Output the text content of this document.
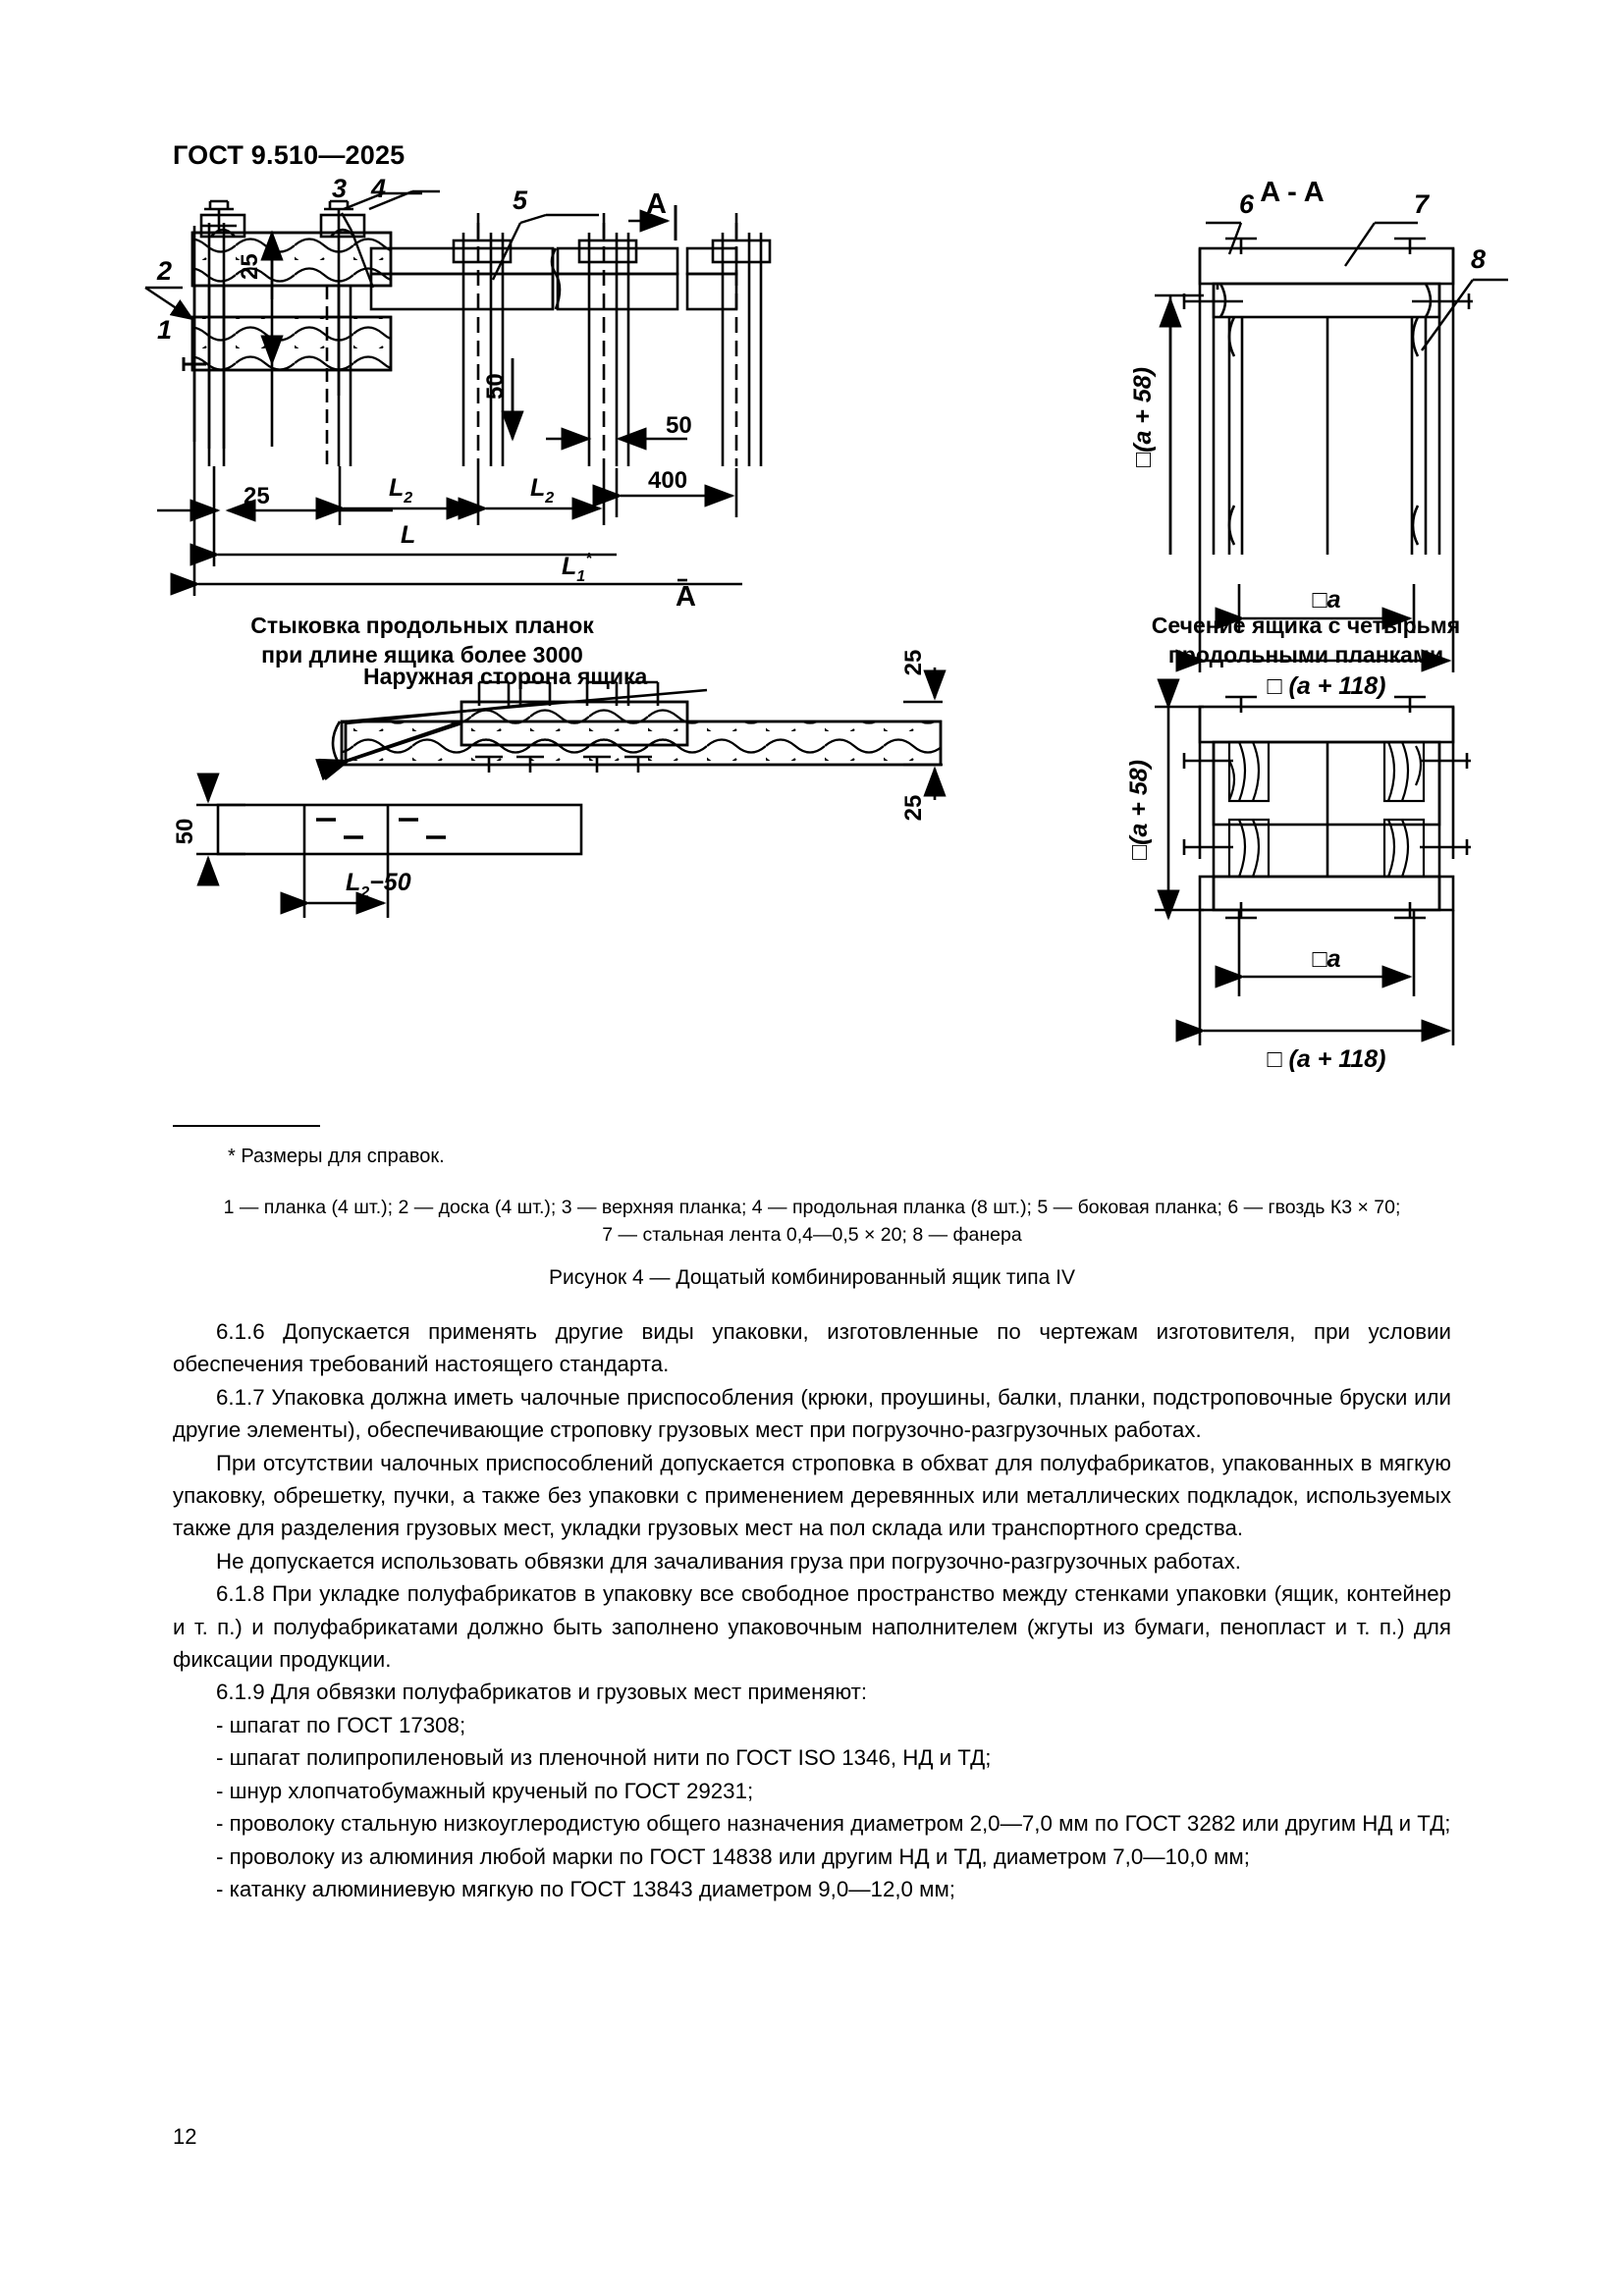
ГОСТ 9.510—2025
2
1
3 4	5	6	7
8
A - A
A
A
25
25
50
50
400
$L_2$	$L_2$
L
$L_1^*$
□(a + 58)
□a
□ (a + 118)
□(a + 58)
□a
□ (a + 118)
25
25
50
$L_2-50$
Стыковка продольных планок
при длине ящика более 3000
Сечение ящика с четырьмя
продольными планками
Наружная сторона ящика
* Размеры для справок.
1 — планка (4 шт.); 2 — доска (4 шт.); 3 — верхняя планка; 4 — продольная планка (8 шт.); 5 — боковая планка; 6 — гвоздь К3 × 70;
7 — стальная лента 0,4—0,5 × 20; 8 — фанера
Рисунок 4 — Дощатый комбинированный ящик типа IV

6.1.6 Допускается применять другие виды упаковки, изготовленные по чертежам изготовителя, при условии обеспечения требований настоящего стандарта.

6.1.7 Упаковка должна иметь чалочные приспособления (крюки, проушины, балки, планки, подстроповочные бруски или другие элементы), обеспечивающие строповку грузовых мест при погрузочно-разгрузочных работах.

При отсутствии чалочных приспособлений допускается строповка в обхват для полуфабрикатов, упакованных в мягкую упаковку, обрешетку, пучки, а также без упаковки с применением деревянных или металлических подкладок, используемых также для разделения грузовых мест, укладки грузовых мест на пол склада или транспортного средства.

Не допускается использовать обвязки для зачаливания груза при погрузочно-разгрузочных работах.

6.1.8 При укладке полуфабрикатов в упаковку все свободное пространство между стенками упаковки (ящик, контейнер и т. п.) и полуфабрикатами должно быть заполнено упаковочным наполнителем (жгуты из бумаги, пенопласт и т. п.) для фиксации продукции.

6.1.9 Для обвязки полуфабрикатов и грузовых мест применяют:

- шпагат по ГОСТ 17308;

- шпагат полипропиленовый из пленочной нити по ГОСТ ISO 1346, НД и ТД;

- шнур хлопчатобумажный крученый по ГОСТ 29231;

- проволоку стальную низкоуглеродистую общего назначения диаметром 2,0—7,0 мм по ГОСТ 3282 или другим НД и ТД;

- проволоку из алюминия любой марки по ГОСТ 14838 или другим НД и ТД, диаметром 7,0—10,0 мм;

- катанку алюминиевую мягкую по ГОСТ 13843 диаметром 9,0—12,0 мм;

12
